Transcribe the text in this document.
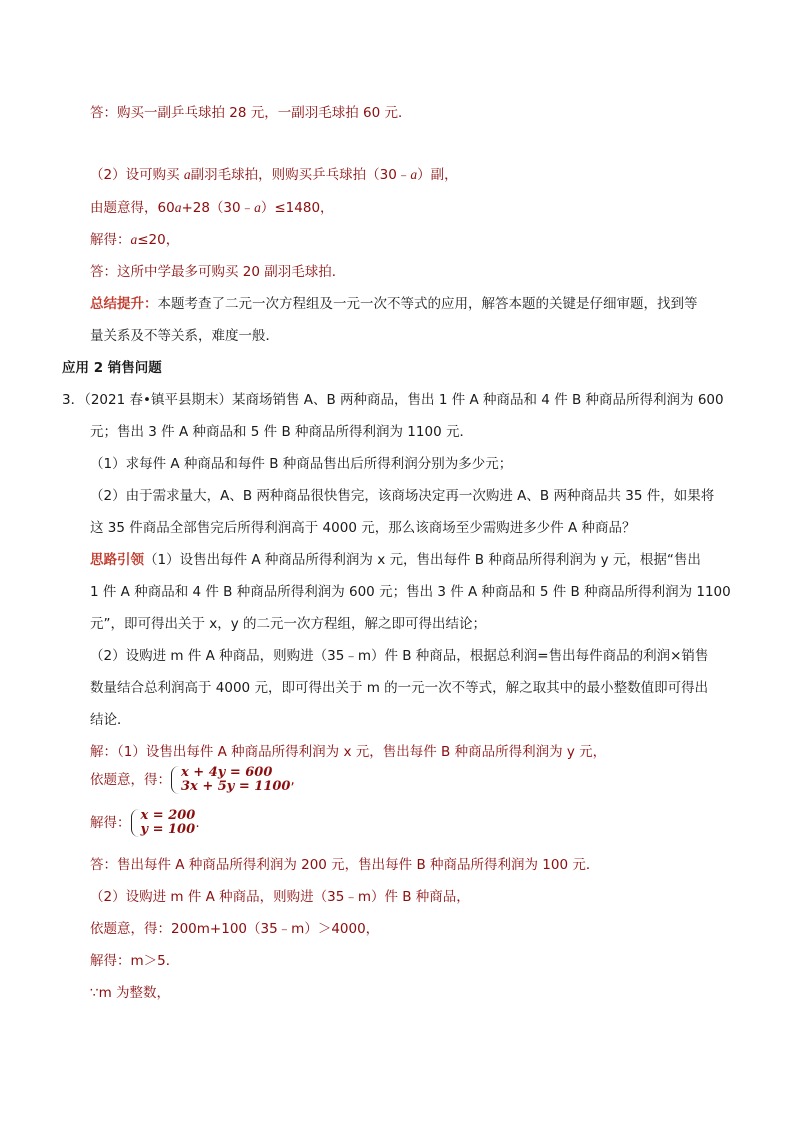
答：购买一副乒乓球拍 28 元，一副羽毛球拍 60 元．
（2）设可购买 a副羽毛球拍，则购买乒乓球拍（30﹣a）副，
由题意得，60a+28（30﹣a）≤1480，
解得：a≤20，
答：这所中学最多可购买 20 副羽毛球拍．
总结提升：本题考查了二元一次方程组及一元一次不等式的应用，解答本题的关键是仔细审题，找到等
量关系及不等关系，难度一般．
应用 2 销售问题
3．（2021 春•镇平县期末）某商场销售 A、B 两种商品，售出 1 件 A 种商品和 4 件 B 种商品所得利润为 600
元；售出 3 件 A 种商品和 5 件 B 种商品所得利润为 1100 元．
（1）求每件 A 种商品和每件 B 种商品售出后所得利润分别为多少元；
（2）由于需求量大，A、B 两种商品很快售完，该商场决定再一次购进 A、B 两种商品共 35 件，如果将
这 35 件商品全部售完后所得利润高于 4000 元，那么该商场至少需购进多少件 A 种商品？
思路引领（1）设售出每件 A 种商品所得利润为 x 元，售出每件 B 种商品所得利润为 y 元，根据“售出
1 件 A 种商品和 4 件 B 种商品所得利润为 600 元；售出 3 件 A 种商品和 5 件 B 种商品所得利润为 1100
元”，即可得出关于 x，y 的二元一次方程组，解之即可得出结论；
（2）设购进 m 件 A 种商品，则购进（35﹣m）件 B 种商品，根据总利润=售出每件商品的利润×销售
数量结合总利润高于 4000 元，即可得出关于 m 的一元一次不等式，解之取其中的最小整数值即可得出
结论．
解：（1）设售出每件 A 种商品所得利润为 x 元，售出每件 B 种商品所得利润为 y 元，
依题意，得： x + 4y = 600
3x + 5y = 1100 ,
解得： x = 200
y = 100 .
答：售出每件 A 种商品所得利润为 200 元，售出每件 B 种商品所得利润为 100 元．
（2）设购进 m 件 A 种商品，则购进（35﹣m）件 B 种商品，
依题意，得：200m+100（35﹣m）＞4000，
解得：m＞5．
∵m 为整数，
